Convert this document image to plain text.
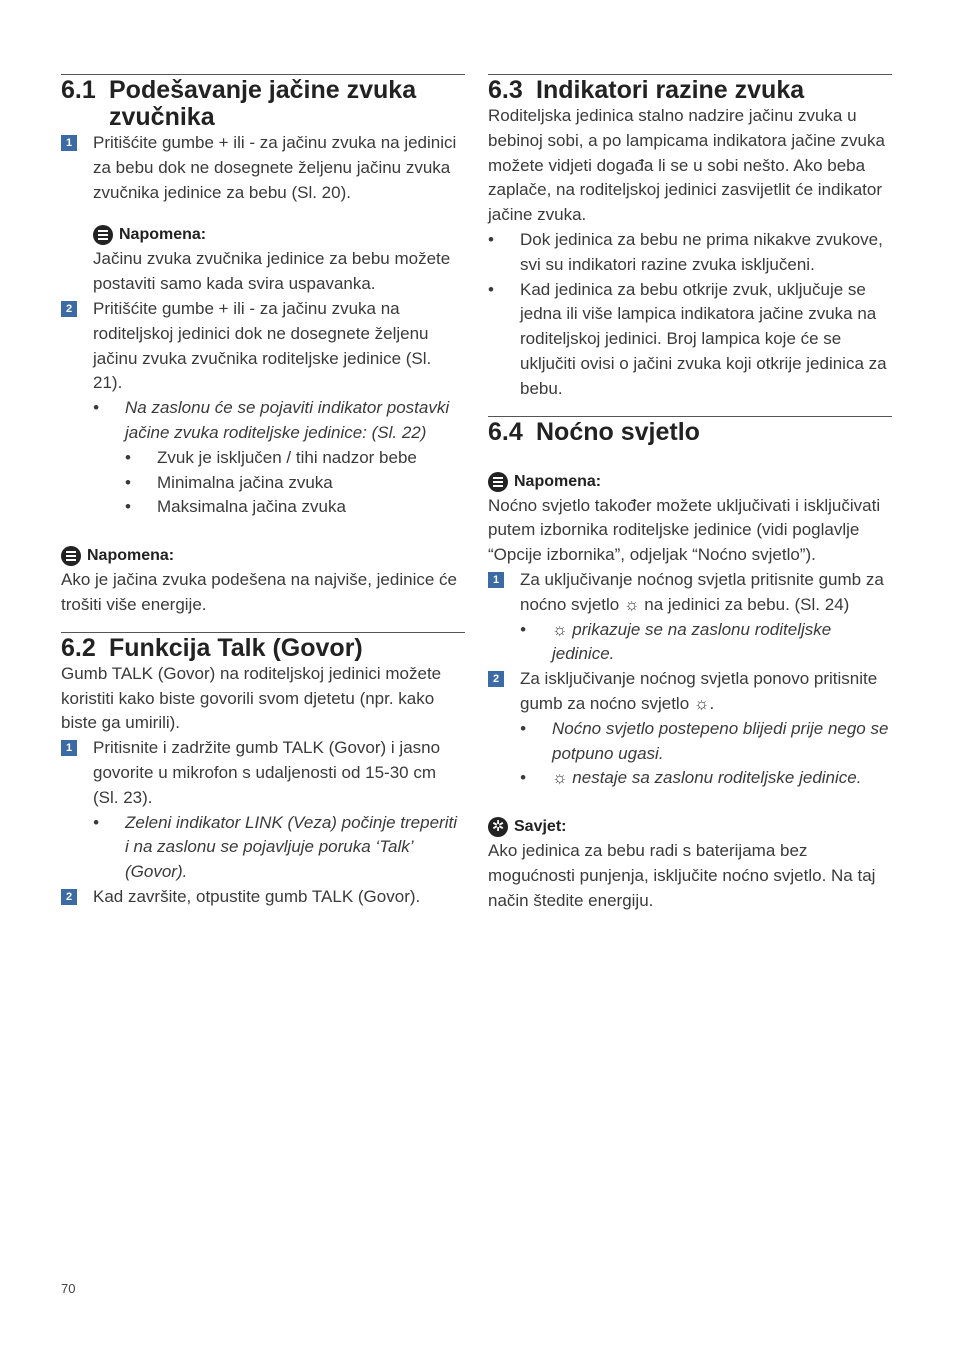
6.1 Podešavanje jačine zvuka zvučnika
1 Pritišćite gumbe + ili - za jačinu zvuka na jedinici za bebu dok ne dosegnete željenu jačinu zvuka zvučnika jedinice za bebu (Sl. 20).
Napomena:

Jačinu zvuka zvučnika jedinice za bebu možete postaviti samo kada svira uspavanka.

2 Pritišćite gumbe + ili - za jačinu zvuka na roditeljskoj jedinici dok ne dosegnete željenu jačinu zvuka zvučnika roditeljske jedinice (Sl. 21).
•	Na zaslonu će se pojaviti indikator postavki jačine zvuka roditeljske jedinice: (Sl. 22)
•	Zvuk je isključen / tihi nadzor bebe
•	Minimalna jačina zvuka
•	Maksimalna jačina zvuka
Napomena:

Ako je jačina zvuka podešena na najviše, jedinice će trošiti više energije.

6.2 Funkcija Talk (Govor)

Gumb TALK (Govor) na roditeljskoj jedinici možete koristiti kako biste govorili svom djetetu (npr. kako biste ga umirili).

1 Pritisnite i zadržite gumb TALK (Govor) i jasno govorite u mikrofon s udaljenosti od 15-30 cm (Sl. 23).
•	Zeleni indikator LINK (Veza) počinje treperiti i na zaslonu se pojavljuje poruka ‘Talk’ (Govor).
2 Kad završite, otpustite gumb TALK (Govor).
6.3 Indikatori razine zvuka

Roditeljska jedinica stalno nadzire jačinu zvuka u bebinoj sobi, a po lampicama indikatora jačine zvuka možete vidjeti događa li se u sobi nešto. Ako beba zaplače, na roditeljskoj jedinici zasvijetlit će indikator jačine zvuka.

•	Dok jedinica za bebu ne prima nikakve zvukove, svi su indikatori razine zvuka isključeni.
•	Kad jedinica za bebu otkrije zvuk, uključuje se jedna ili više lampica indikatora jačine zvuka na roditeljskoj jedinici. Broj lampica koje će se uključiti ovisi o jačini zvuka koji otkrije jedinica za bebu.
6.4 Noćno svjetlo
Napomena:

Noćno svjetlo također možete uključivati i isključivati putem izbornika roditeljske jedinice (vidi poglavlje “Opcije izbornika”, odjeljak “Noćno svjetlo”).

1 Za uključivanje noćnog svjetla pritisnite gumb za noćno svjetlo ☼ na jedinici za bebu. (Sl. 24)
•	☼ prikazuje se na zaslonu roditeljske jedinice.
2 Za isključivanje noćnog svjetla ponovo pritisnite gumb za noćno svjetlo ☼.
•	Noćno svjetlo postepeno blijedi prije nego se potpuno ugasi.
•	☼ nestaje sa zaslonu roditeljske jedinice.
✲ Savjet:

Ako jedinica za bebu radi s baterijama bez mogućnosti punjenja, isključite noćno svjetlo. Na taj način štedite energiju.

70
